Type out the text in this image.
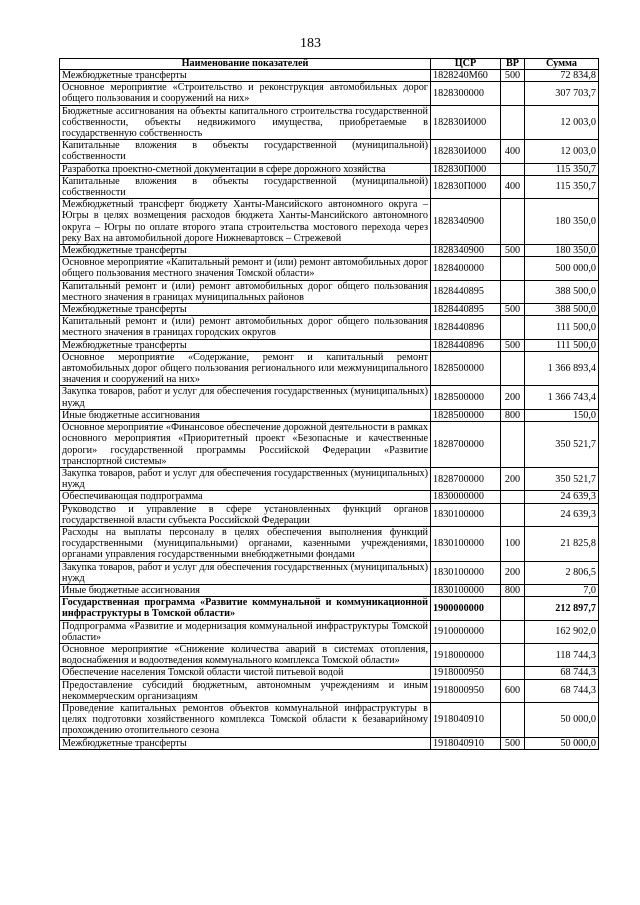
183
Наименование показателей	ЦСР	ВР	Сумма
Межбюджетные трансферты	1828240М60	500	72 834,8
Основное мероприятие «Строительство и реконструкция автомобильных дорог общего пользования и сооружений на них»	1828300000		307 703,7
Бюджетные ассигнования на объекты капитального строительства государственной собственности, объекты недвижимого имущества, приобретаемые в государственную собственность	182830И000		12 003,0
Капитальные вложения в объекты государственной (муниципальной) собственности	182830И000	400	12 003,0
Разработка проектно-сметной документации в сфере дорожного хозяйства	182830П000		115 350,7
Капитальные вложения в объекты государственной (муниципальной) собственности	182830П000	400	115 350,7
Межбюджетный трансферт бюджету Ханты-Мансийского автономного округа – Югры в целях возмещения расходов бюджета Ханты-Мансийского автономного округа – Югры по оплате второго этапа строительства мостового перехода через реку Вах на автомобильной дороге Нижневартовск – Стрежевой	1828340900		180 350,0
Межбюджетные трансферты	1828340900	500	180 350,0
Основное мероприятие «Капитальный ремонт и (или) ремонт автомобильных дорог общего пользования местного значения Томской области»	1828400000		500 000,0
Капитальный ремонт и (или) ремонт автомобильных дорог общего пользования местного значения в границах муниципальных районов	1828440895		388 500,0
Межбюджетные трансферты	1828440895	500	388 500,0
Капитальный ремонт и (или) ремонт автомобильных дорог общего пользования местного значения в границах городских округов	1828440896		111 500,0
Межбюджетные трансферты	1828440896	500	111 500,0
Основное мероприятие «Содержание, ремонт и капитальный ремонт автомобильных дорог общего пользования регионального или межмуниципального значения и сооружений на них»	1828500000		1 366 893,4
Закупка товаров, работ и услуг для обеспечения государственных (муниципальных) нужд	1828500000	200	1 366 743,4
Иные бюджетные ассигнования	1828500000	800	150,0
Основное мероприятие «Финансовое обеспечение дорожной деятельности в рамках основного мероприятия «Приоритетный проект «Безопасные и качественные дороги» государственной программы Российской Федерации «Развитие транспортной системы»	1828700000		350 521,7
Закупка товаров, работ и услуг для обеспечения государственных (муниципальных) нужд	1828700000	200	350 521,7
Обеспечивающая подпрограмма	1830000000		24 639,3
Руководство и управление в сфере установленных функций органов государственной власти субъекта Российской Федерации	1830100000		24 639,3
Расходы на выплаты персоналу в целях обеспечения выполнения функций государственными (муниципальными) органами, казенными учреждениями, органами управления государственными внебюджетными фондами	1830100000	100	21 825,8
Закупка товаров, работ и услуг для обеспечения государственных (муниципальных) нужд	1830100000	200	2 806,5
Иные бюджетные ассигнования	1830100000	800	7,0
Государственная программа «Развитие коммунальной и коммуникационной инфраструктуры в Томской области»	1900000000		212 897,7
Подпрограмма «Развитие и модернизация коммунальной инфраструктуры Томской области»	1910000000		162 902,0
Основное мероприятие «Снижение количества аварий в системах отопления, водоснабжения и водоотведения коммунального комплекса Томской области»	1918000000		118 744,3
Обеспечение населения Томской области чистой питьевой водой	1918000950		68 744,3
Предоставление субсидий бюджетным, автономным учреждениям и иным некоммерческим организациям	1918000950	600	68 744,3
Проведение капитальных ремонтов объектов коммунальной инфраструктуры в целях подготовки хозяйственного комплекса Томской области к безаварийному прохождению отопительного сезона	1918040910		50 000,0
Межбюджетные трансферты	1918040910	500	50 000,0
